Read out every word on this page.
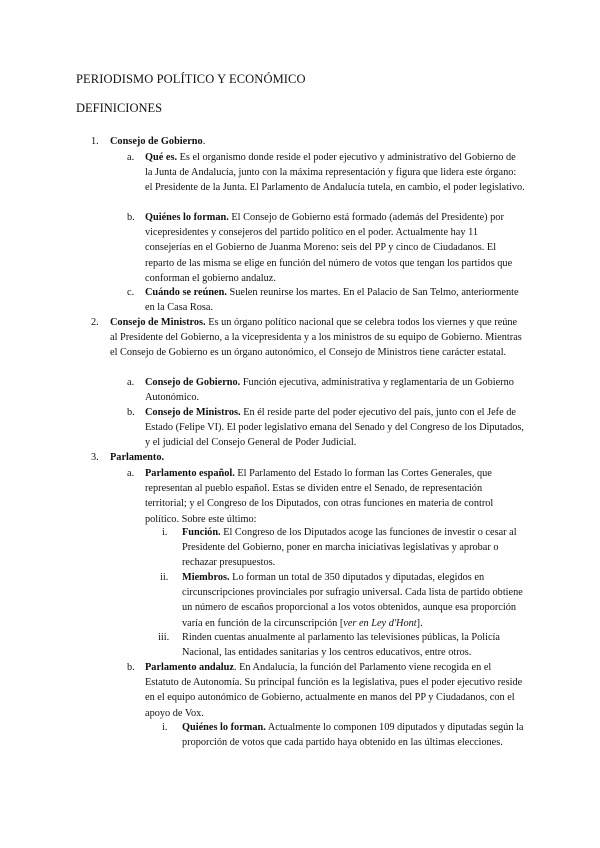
PERIODISMO POLÍTICO Y ECONÓMICO
DEFINICIONES
1. Consejo de Gobierno.
a. Qué es. Es el organismo donde reside el poder ejecutivo y administrativo del Gobierno de la Junta de Andalucía, junto con la máxima representación y figura que lidera este órgano: el Presidente de la Junta. El Parlamento de Andalucía tutela, en cambio, el poder legislativo.
b. Quiénes lo forman. El Consejo de Gobierno está formado (además del Presidente) por vicepresidentes y consejeros del partido político en el poder. Actualmente hay 11 consejerías en el Gobierno de Juanma Moreno: seis del PP y cinco de Ciudadanos. El reparto de las misma se elige en función del número de votos que tengan los partidos que conforman el gobierno andaluz.
c. Cuándo se reúnen. Suelen reunirse los martes. En el Palacio de San Telmo, anteriormente en la Casa Rosa.
2. Consejo de Ministros. Es un órgano político nacional que se celebra todos los viernes y que reúne al Presidente del Gobierno, a la vicepresidenta y a los ministros de su equipo de Gobierno. Mientras el Consejo de Gobierno es un órgano autonómico, el Consejo de Ministros tiene carácter estatal.
a. Consejo de Gobierno. Función ejecutiva, administrativa y reglamentaria de un Gobierno Autonómico.
b. Consejo de Ministros. En él reside parte del poder ejecutivo del país, junto con el Jefe de Estado (Felipe VI). El poder legislativo emana del Senado y del Congreso de los Diputados, y el judicial del Consejo General de Poder Judicial.
3. Parlamento.
a. Parlamento español. El Parlamento del Estado lo forman las Cortes Generales, que representan al pueblo español. Estas se dividen entre el Senado, de representación territorial; y el Congreso de los Diputados, con otras funciones en materia de control político. Sobre este último:
i. Función. El Congreso de los Diputados acoge las funciones de investir o cesar al Presidente del Gobierno, poner en marcha iniciativas legislativas y aprobar o rechazar presupuestos.
ii. Miembros. Lo forman un total de 350 diputados y diputadas, elegidos en circunscripciones provinciales por sufragio universal. Cada lista de partido obtiene un número de escaños proporcional a los votos obtenidos, aunque esa proporción varía en función de la circunscripción [ver en Ley d'Hont].
iii. Rinden cuentas anualmente al parlamento las televisiones públicas, la Policía Nacional, las entidades sanitarias y los centros educativos, entre otros.
b. Parlamento andaluz. En Andalucía, la función del Parlamento viene recogida en el Estatuto de Autonomía. Su principal función es la legislativa, pues el poder ejecutivo reside en el equipo autonómico de Gobierno, actualmente en manos del PP y Ciudadanos, con el apoyo de Vox.
i. Quiénes lo forman. Actualmente lo componen 109 diputados y diputadas según la proporción de votos que cada partido haya obtenido en las últimas elecciones.
